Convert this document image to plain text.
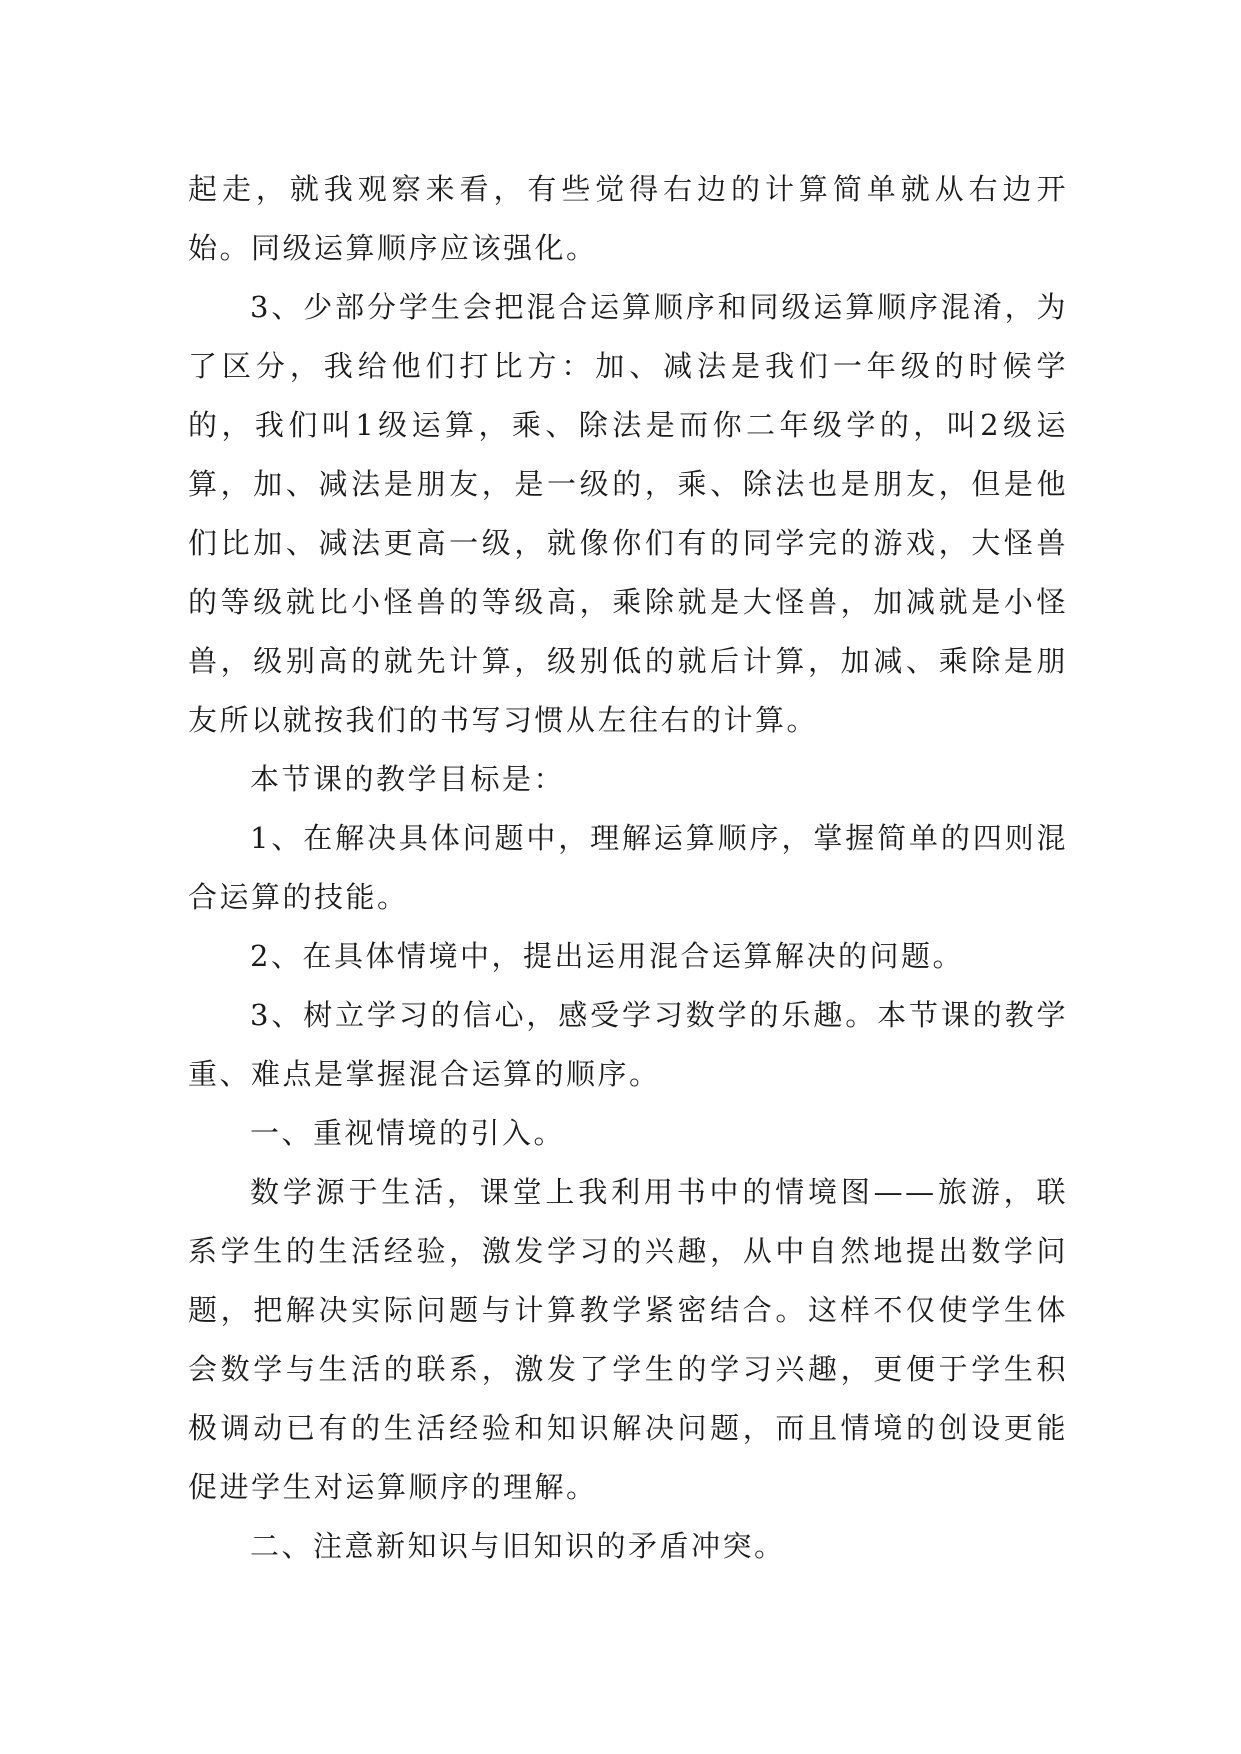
起走，就我观察来看，有些觉得右边的计算简单就从右边开始。同级运算顺序应该强化。

3、少部分学生会把混合运算顺序和同级运算顺序混淆，为了区分，我给他们打比方：加、减法是我们一年级的时候学的，我们叫1级运算，乘、除法是而你二年级学的，叫2级运算，加、减法是朋友，是一级的，乘、除法也是朋友，但是他们比加、减法更高一级，就像你们有的同学完的游戏，大怪兽的等级就比小怪兽的等级高，乘除就是大怪兽，加减就是小怪兽，级别高的就先计算，级别低的就后计算，加减、乘除是朋友所以就按我们的书写习惯从左往右的计算。

本节课的教学目标是：

1、在解决具体问题中，理解运算顺序，掌握简单的四则混合运算的技能。

2、在具体情境中，提出运用混合运算解决的问题。

3、树立学习的信心，感受学习数学的乐趣。本节课的教学重、难点是掌握混合运算的顺序。

一、重视情境的引入。

数学源于生活，课堂上我利用书中的情境图——旅游，联系学生的生活经验，激发学习的兴趣，从中自然地提出数学问题，把解决实际问题与计算教学紧密结合。这样不仅使学生体会数学与生活的联系，激发了学生的学习兴趣，更便于学生积极调动已有的生活经验和知识解决问题，而且情境的创设更能促进学生对运算顺序的理解。

二、注意新知识与旧知识的矛盾冲突。
